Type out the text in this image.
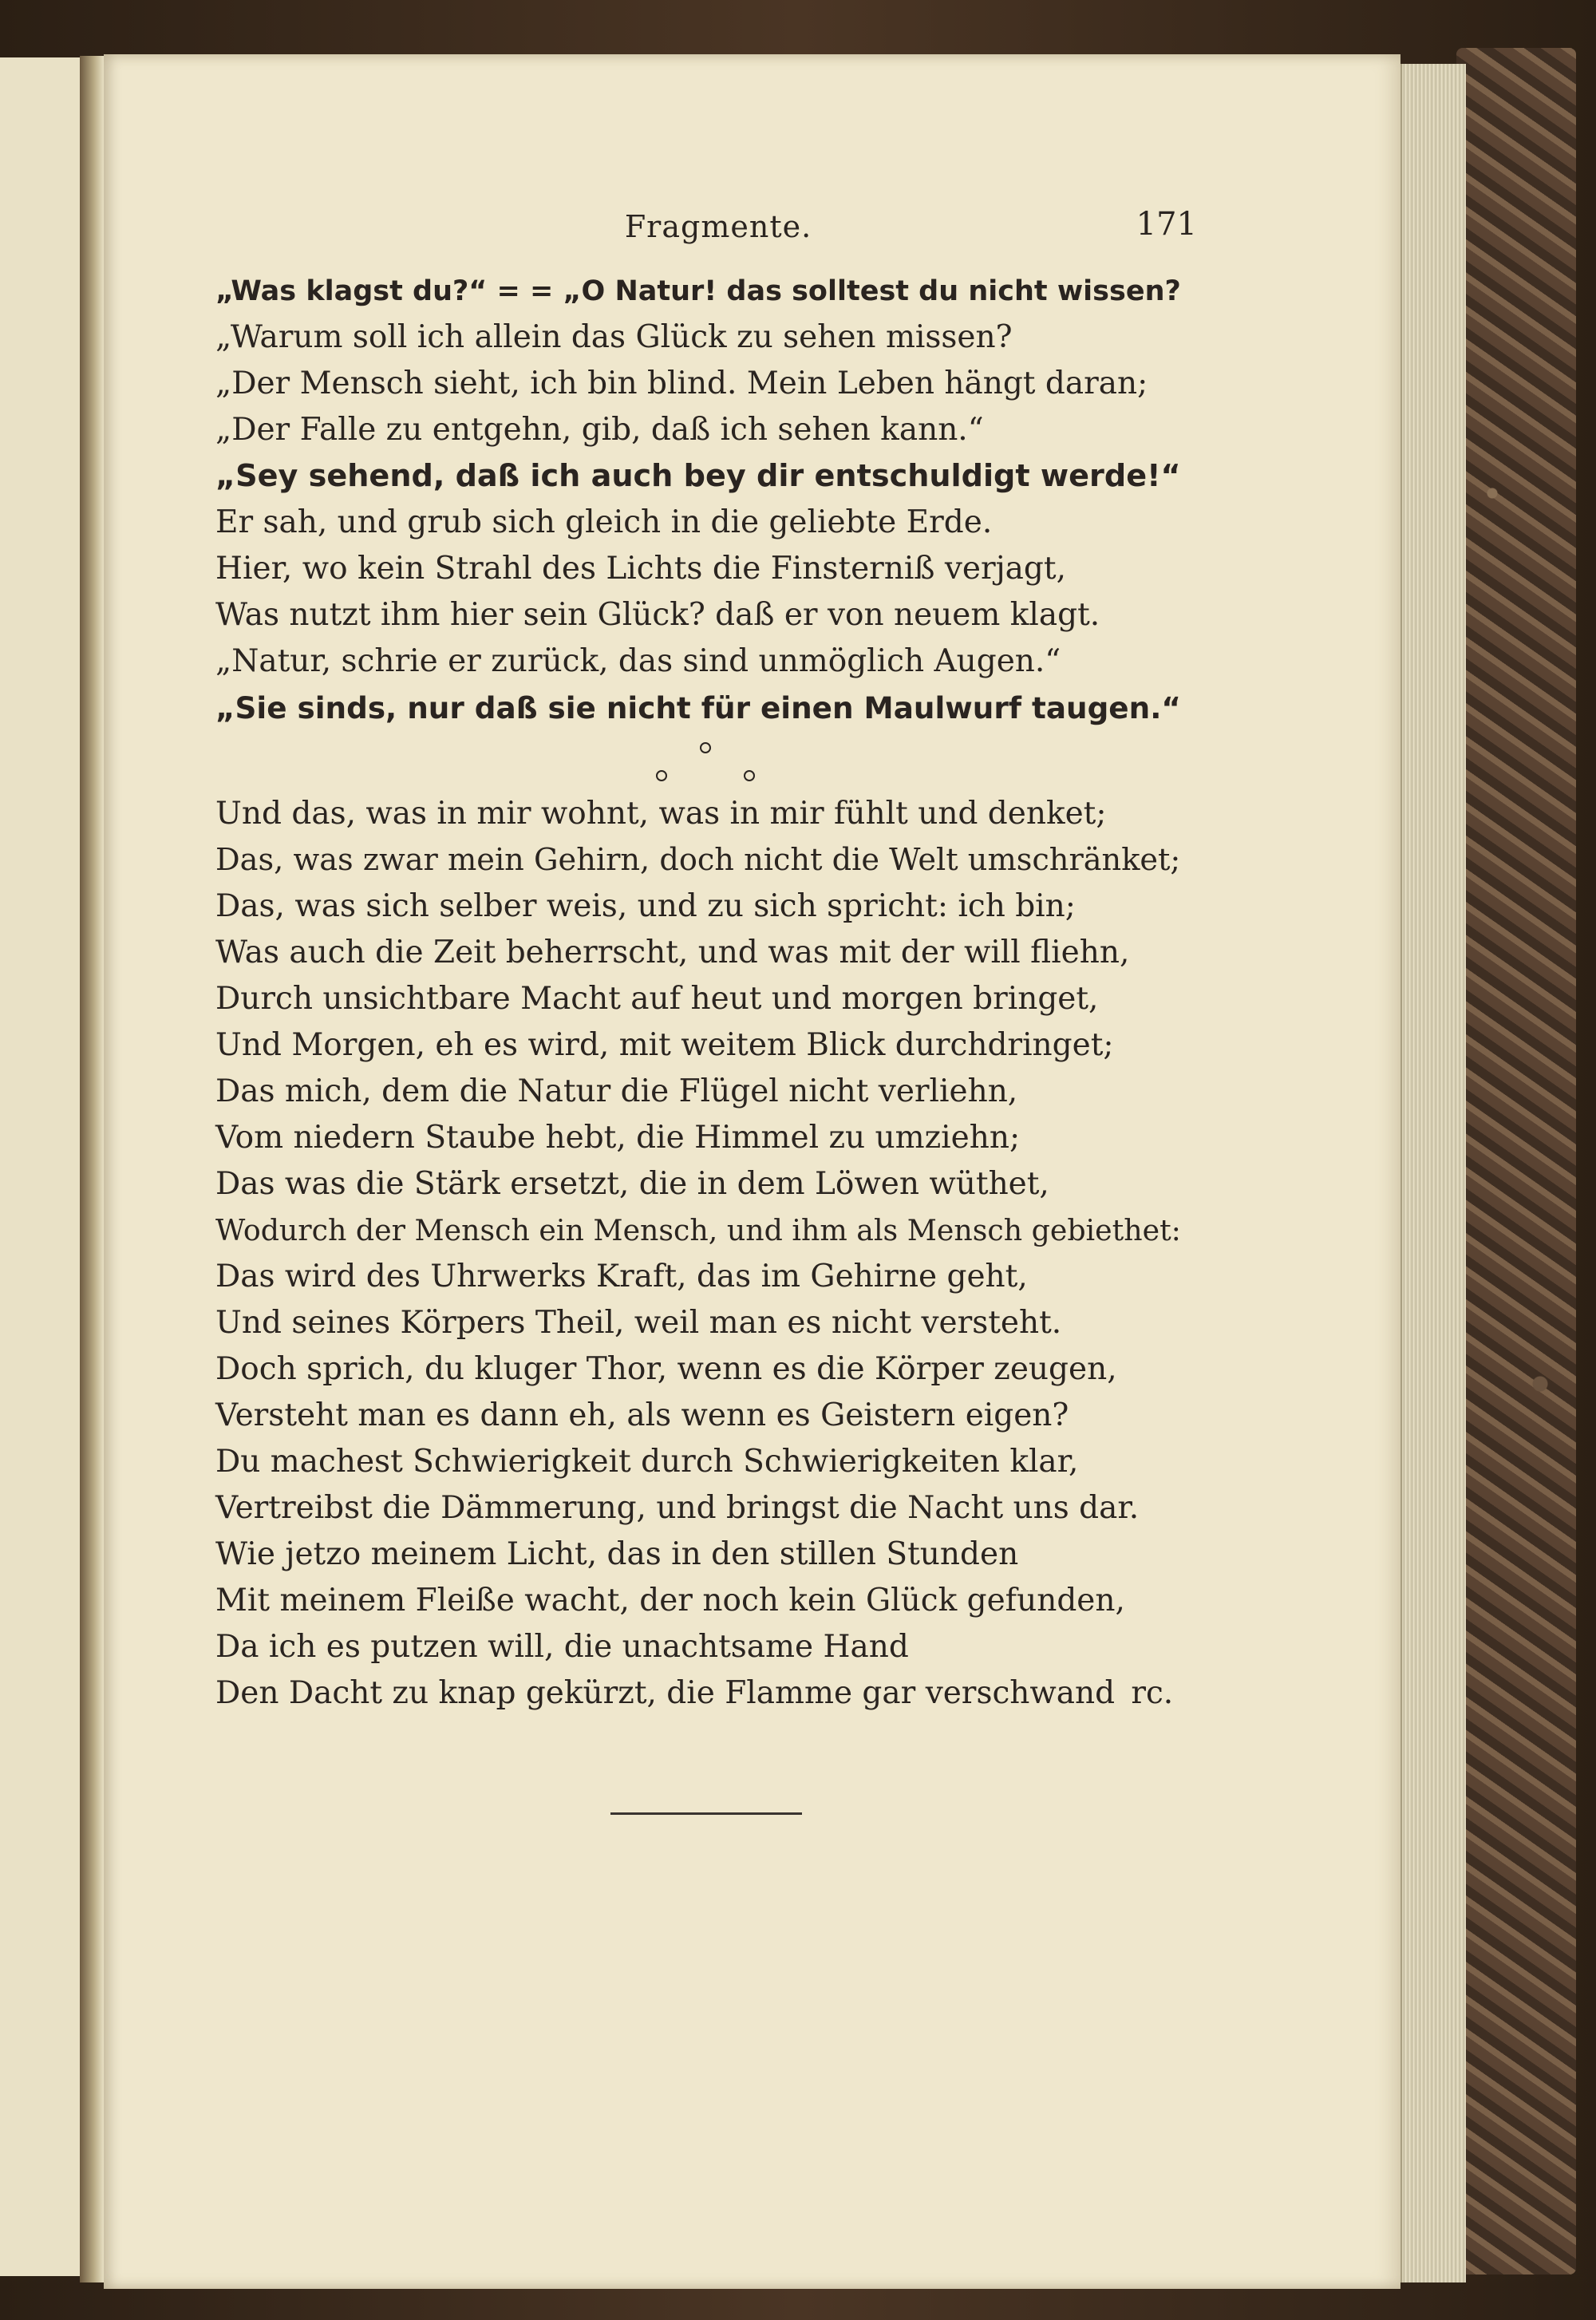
Fragmente.	171
„Was klagst du?“ = = „O Natur! das solltest du nicht wissen?
„Warum soll ich allein das Glück zu sehen missen?
„Der Mensch sieht, ich bin blind. Mein Leben hängt daran;
„Der Falle zu entgehn, gib, daß ich sehen kann.“
„Sey sehend, daß ich auch bey dir entschuldigt werde!“
Er sah, und grub sich gleich in die geliebte Erde.
Hier, wo kein Strahl des Lichts die Finsterniß verjagt,
Was nutzt ihm hier sein Glück? daß er von neuem klagt.
„Natur, schrie er zurück, das sind unmöglich Augen.“
„Sie sinds, nur daß sie nicht für einen Maulwurf taugen.“
Und das, was in mir wohnt, was in mir fühlt und denket;
Das, was zwar mein Gehirn, doch nicht die Welt umschränket;
Das, was sich selber weis, und zu sich spricht: ich bin;
Was auch die Zeit beherrscht, und was mit der will fliehn,
Durch unsichtbare Macht auf heut und morgen bringet,
Und Morgen, eh es wird, mit weitem Blick durchdringet;
Das mich, dem die Natur die Flügel nicht verliehn,
Vom niedern Staube hebt, die Himmel zu umziehn;
Das was die Stärk ersetzt, die in dem Löwen wüthet,
Wodurch der Mensch ein Mensch, und ihm als Mensch gebiethet:
Das wird des Uhrwerks Kraft, das im Gehirne geht,
Und seines Körpers Theil, weil man es nicht versteht.
Doch sprich, du kluger Thor, wenn es die Körper zeugen,
Versteht man es dann eh, als wenn es Geistern eigen?
Du machest Schwierigkeit durch Schwierigkeiten klar,
Vertreibst die Dämmerung, und bringst die Nacht uns dar.
Wie jetzo meinem Licht, das in den stillen Stunden
Mit meinem Fleiße wacht, der noch kein Glück gefunden,
Da ich es putzen will, die unachtsame Hand
Den Dacht zu knap gekürzt, die Flamme gar verschwand  rc.
